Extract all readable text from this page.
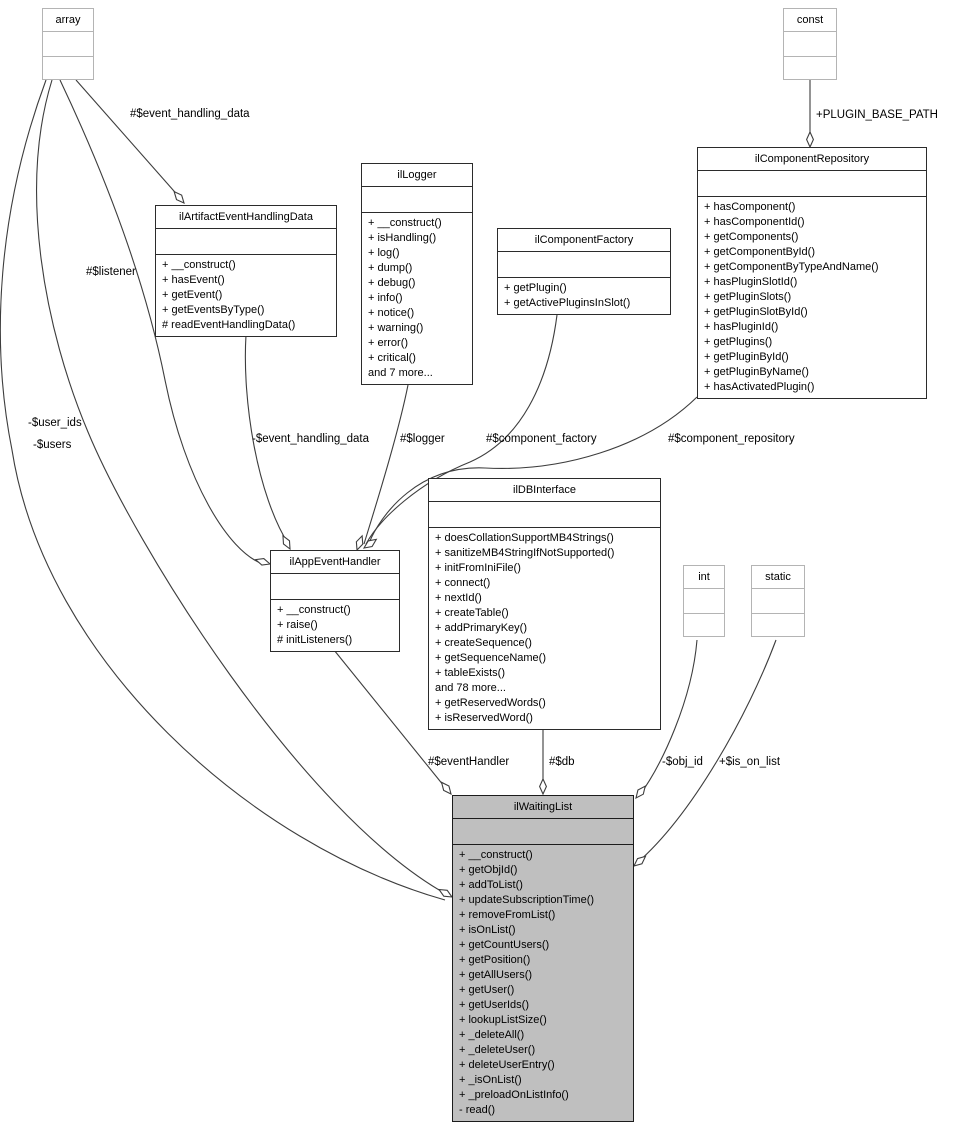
#$event_handling_data	+PLUGIN_BASE_PATH
#$listener
-$user_ids
-$users	-$event_handling_data	#$logger	#$component_factory	#$component_repository
#$eventHandler	#$db	-$obj_id +$is_on_list
array	const
int	static
ilArtifactEventHandlingData
+ __construct()
+ hasEvent()
+ getEvent()
+ getEventsByType()
# readEventHandlingData()
ilLogger
+ __construct()
+ isHandling()
+ log()
+ dump()
+ debug()
+ info()
+ notice()
+ warning()
+ error()
+ critical()
and 7 more...
ilComponentFactory
+ getPlugin()
+ getActivePluginsInSlot()
ilComponentRepository
+ hasComponent()
+ hasComponentId()
+ getComponents()
+ getComponentById()
+ getComponentByTypeAndName()
+ hasPluginSlotId()
+ getPluginSlots()
+ getPluginSlotById()
+ hasPluginId()
+ getPlugins()
+ getPluginById()
+ getPluginByName()
+ hasActivatedPlugin()
ilDBInterface
+ doesCollationSupportMB4Strings()
+ sanitizeMB4StringIfNotSupported()
+ initFromIniFile()
+ connect()
+ nextId()
+ createTable()
+ addPrimaryKey()
+ createSequence()
+ getSequenceName()
+ tableExists()
and 78 more...
+ getReservedWords()
+ isReservedWord()
ilAppEventHandler
+ __construct()
+ raise()
# initListeners()
ilWaitingList
+ __construct()
+ getObjId()
+ addToList()
+ updateSubscriptionTime()
+ removeFromList()
+ isOnList()
+ getCountUsers()
+ getPosition()
+ getAllUsers()
+ getUser()
+ getUserIds()
+ lookupListSize()
+ _deleteAll()
+ _deleteUser()
+ deleteUserEntry()
+ _isOnList()
+ _preloadOnListInfo()
- read()
